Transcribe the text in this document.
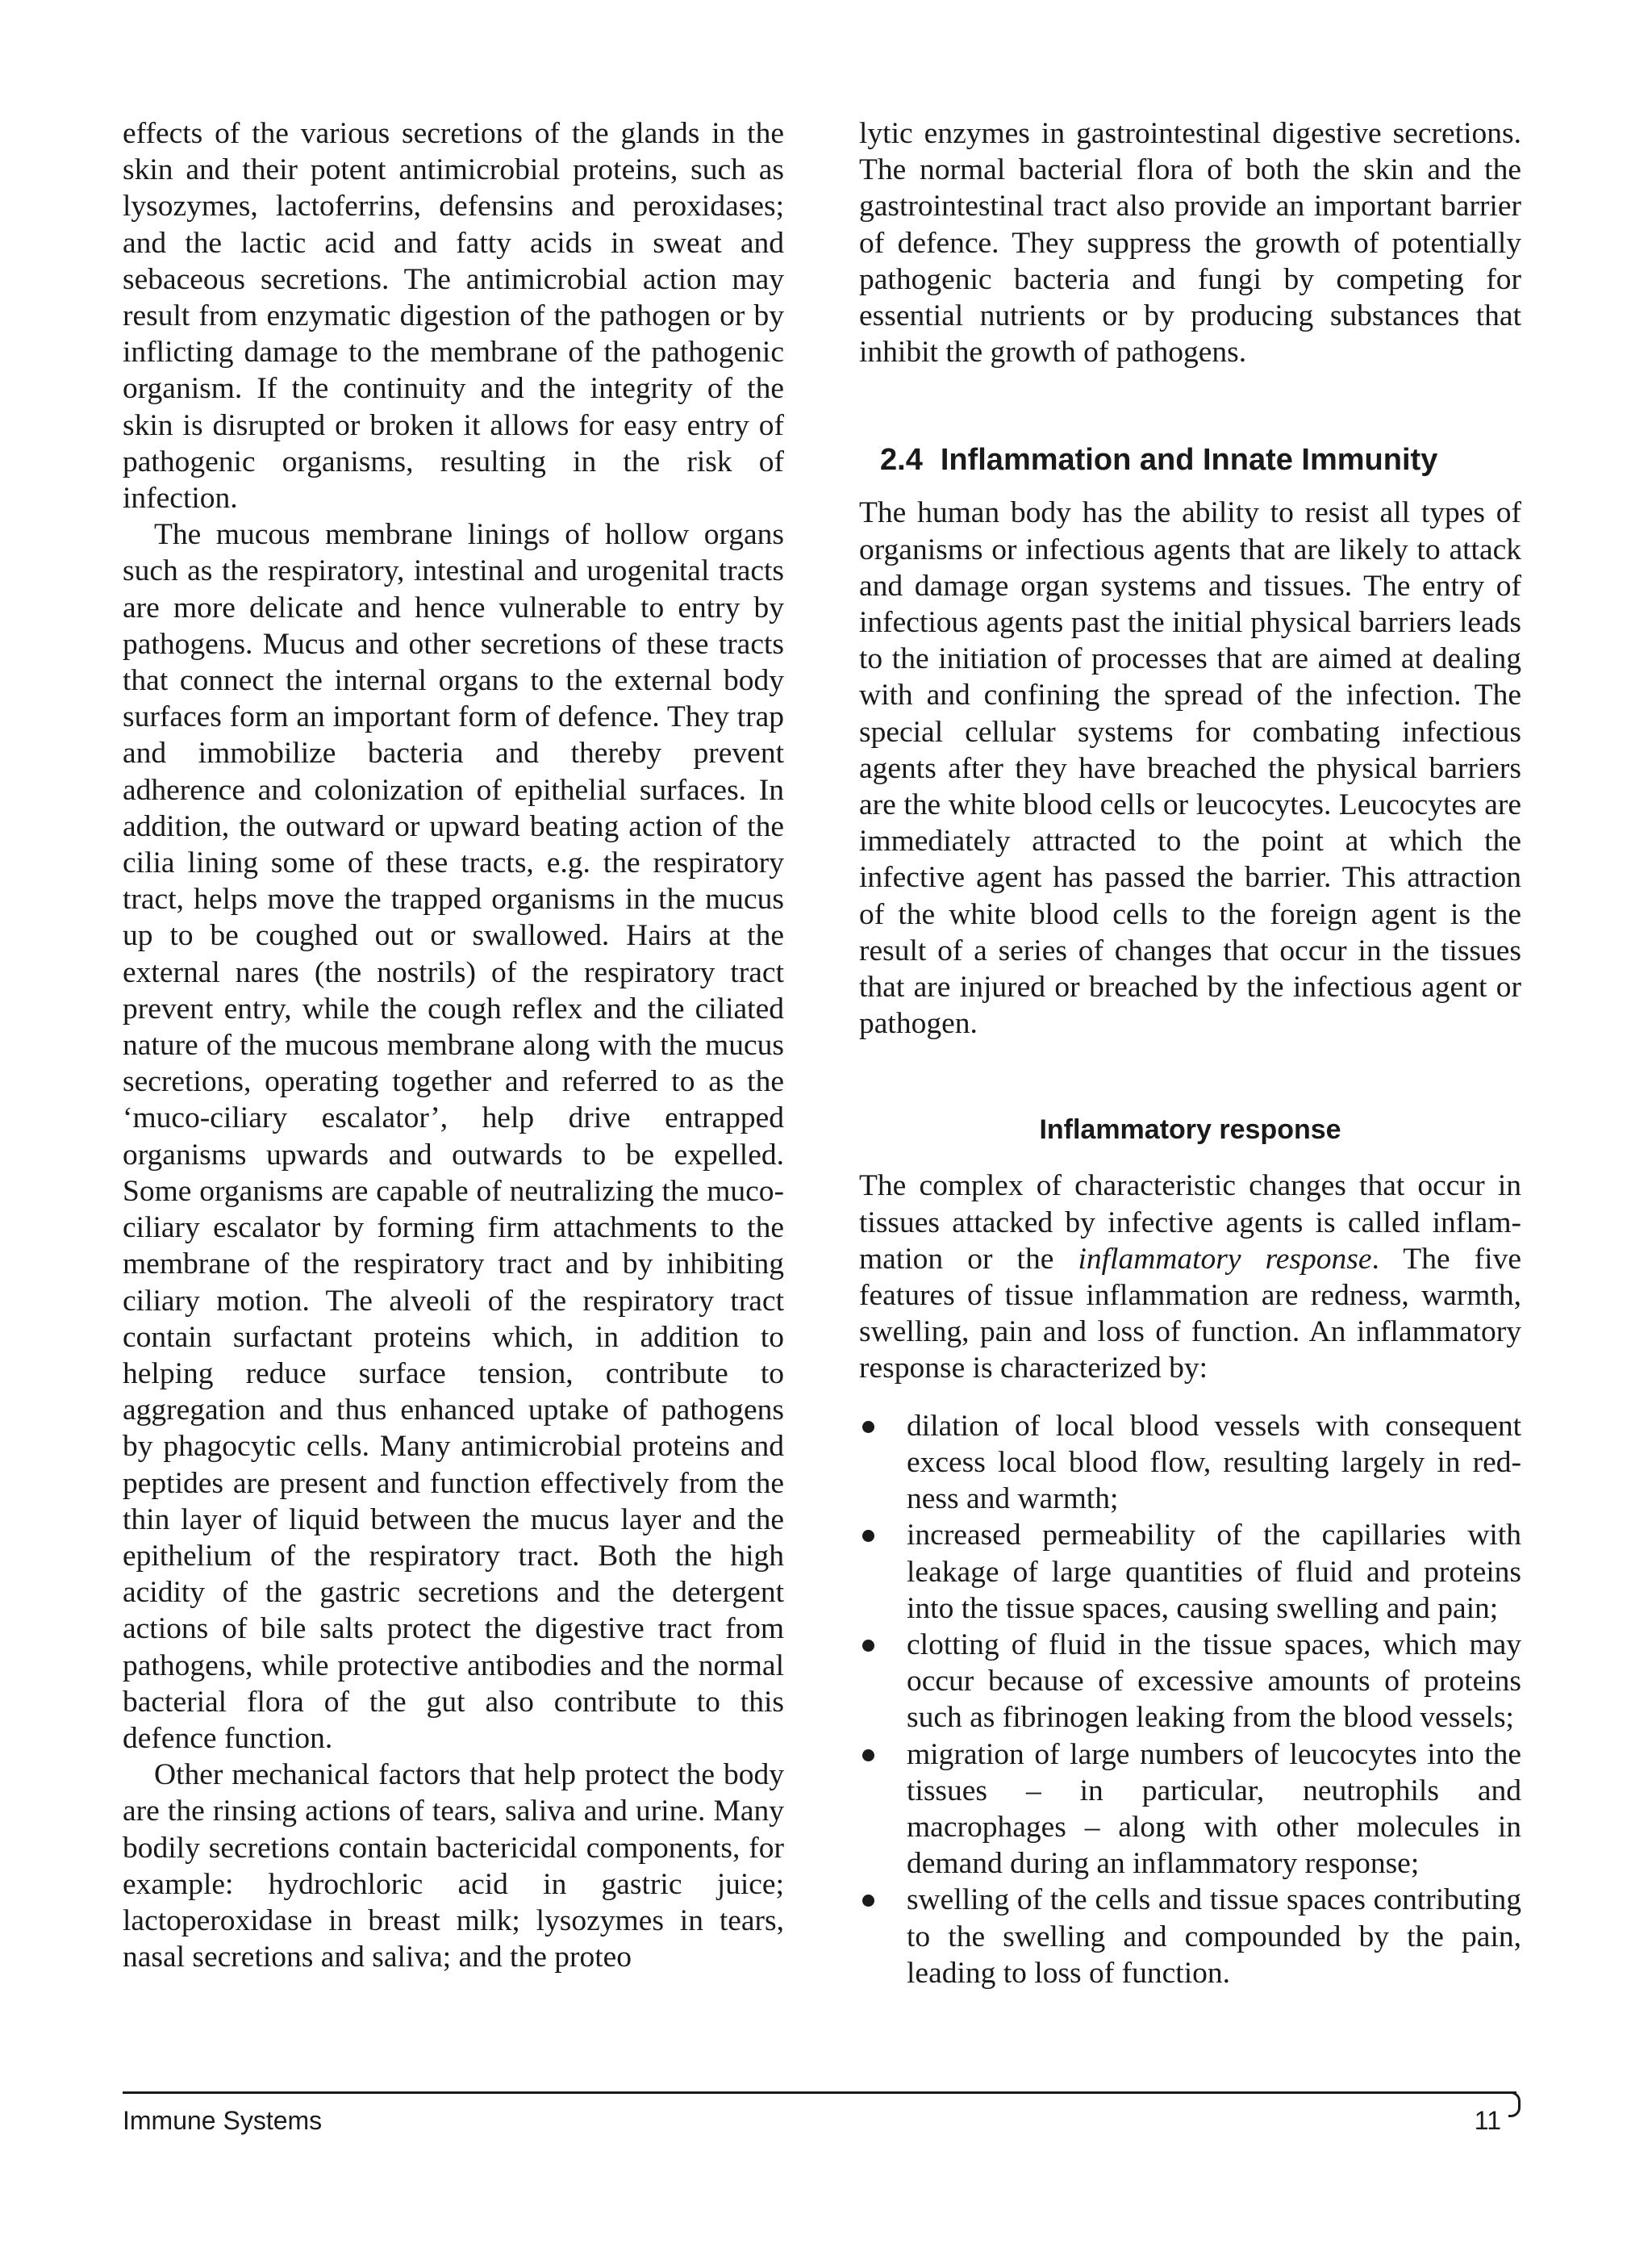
effects of the various secretions of the glands in the skin and their potent antimicrobial proteins, such as lysozymes, lactoferrins, defensins and peroxidases; and the lactic acid and fatty acids in sweat and sebaceous secretions. The antimicrobial action may result from enzymatic digestion of the pathogen or by inflicting damage to the membrane of the pathogenic organism. If the continuity and the integrity of the skin is disrupted or broken it allows for easy entry of pathogenic organisms, resulting in the risk of infection.

The mucous membrane linings of hollow organs such as the respiratory, intestinal and urogenital tracts are more delicate and hence vulnerable to entry by pathogens. Mucus and other secretions of these tracts that connect the internal organs to the external body surfaces form an important form of defence. They trap and immobilize bacteria and thereby prevent adherence and colonization of epithelial surfaces. In addition, the outward or upward beating action of the cilia lining some of these tracts, e.g. the respiratory tract, helps move the trapped organisms in the mucus up to be coughed out or swallowed. Hairs at the external nares (the nostrils) of the respiratory tract prevent entry, while the cough reflex and the ciliated nature of the mucous membrane along with the mucus secretions, operating together and referred to as the ‘muco-ciliary escalator’, help drive entrapped organisms upwards and outwards to be expelled. Some organisms are capable of neutralizing the muco-ciliary escalator by forming firm attachments to the membrane of the respiratory tract and by inhibiting ciliary motion. The alveoli of the respiratory tract contain surfactant proteins which, in addition to helping reduce surface tension, contribute to aggregation and thus enhanced uptake of pathogens by phagocytic cells. Many antimicrobial proteins and peptides are present and function effectively from the thin layer of liquid between the mucus layer and the epithelium of the respiratory tract. Both the high acidity of the gastric secretions and the detergent actions of bile salts protect the digestive tract from pathogens, while protective antibodies and the normal bacterial flora of the gut also contribute to this defence function.

Other mechanical factors that help protect the body are the rinsing actions of tears, saliva and urine. Many bodily secretions contain bactericidal components, for example: hydrochloric acid in gastric juice; lactoperoxidase in breast milk; lysozymes in tears, nasal secretions and saliva; and the proteo

lytic enzymes in gastrointestinal digestive secretions. The normal bacterial flora of both the skin and the gastrointestinal tract also provide an important barrier of defence. They suppress the growth of potentially pathogenic bacteria and fungi by competing for essential nutrients or by producing substances that inhibit the growth of pathogens.

2.4 Inflammation and Innate Immunity

The human body has the ability to resist all types of organisms or infectious agents that are likely to attack and damage organ systems and tissues. The entry of infectious agents past the initial physical barriers leads to the initiation of processes that are aimed at dealing with and confining the spread of the infection. The special cellular systems for combating infectious agents after they have breached the physical barriers are the white blood cells or leucocytes. Leucocytes are immediately attracted to the point at which the infective agent has passed the barrier. This attraction of the white blood cells to the foreign agent is the result of a series of changes that occur in the tissues that are injured or breached by the infectious agent or pathogen.

Inflammatory response

The complex of characteristic changes that occur in tissues attacked by infective agents is called inflammation or the inflammatory response. The five features of tissue inflammation are redness, warmth, swelling, pain and loss of function. An inflammatory response is characterized by:

dilation of local blood vessels with consequent excess local blood flow, resulting largely in redness and warmth;
increased permeability of the capillaries with leakage of large quantities of fluid and proteins into the tissue spaces, causing swelling and pain;
clotting of fluid in the tissue spaces, which may occur because of excessive amounts of proteins such as fibrinogen leaking from the blood vessels;
migration of large numbers of leucocytes into the tissues – in particular, neutrophils and macrophages – along with other molecules in demand during an inflammatory response;
swelling of the cells and tissue spaces contributing to the swelling and compounded by the pain, leading to loss of function.
Immune Systems	11
